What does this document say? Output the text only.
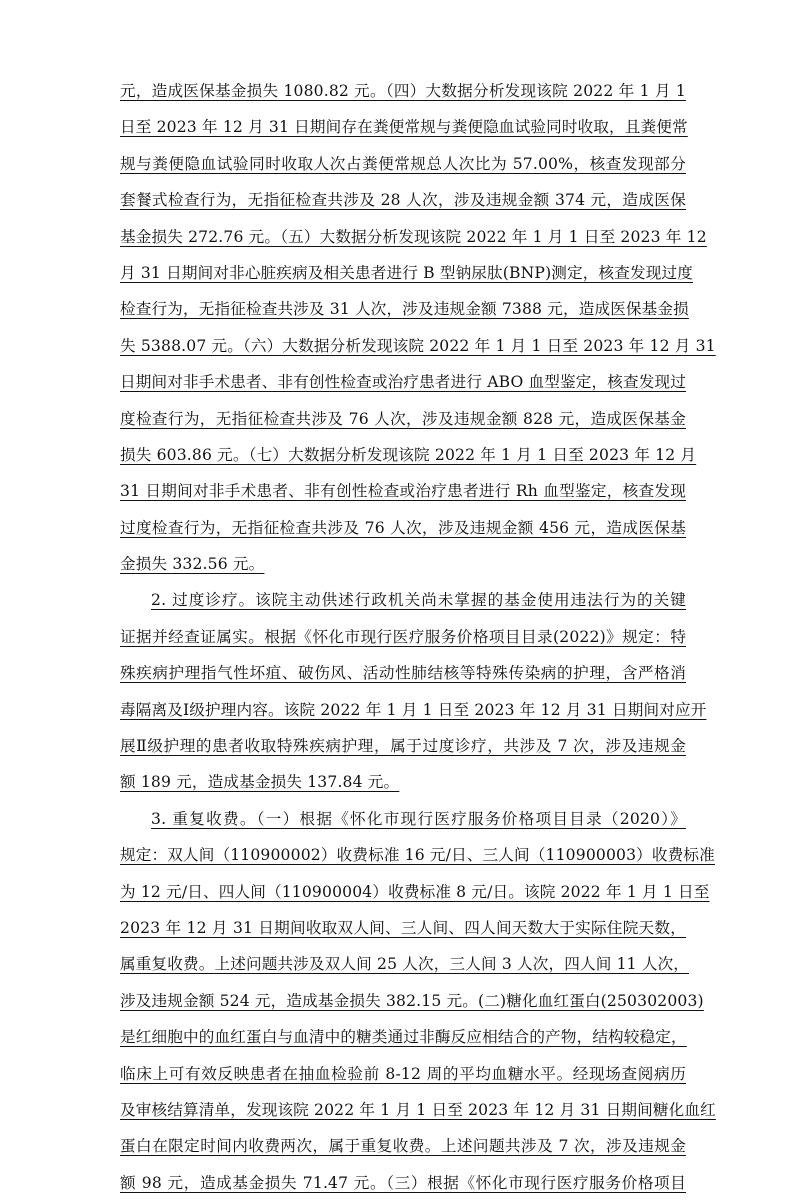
元，造成医保基金损失 1080.82 元。（四）大数据分析发现该院 2022 年 1 月 1
日至 2023 年 12 月 31 日期间存在粪便常规与粪便隐血试验同时收取，且粪便常
规与粪便隐血试验同时收取人次占粪便常规总人次比为 57.00%，核查发现部分
套餐式检查行为，无指征检查共涉及 28 人次，涉及违规金额 374 元，造成医保
基金损失 272.76 元。（五）大数据分析发现该院 2022 年 1 月 1 日至 2023 年 12
月 31 日期间对非心脏疾病及相关患者进行 B 型钠尿肽(BNP)测定，核查发现过度
检查行为，无指征检查共涉及 31 人次，涉及违规金额 7388 元，造成医保基金损
失 5388.07 元。（六）大数据分析发现该院 2022 年 1 月 1 日至 2023 年 12 月 31
日期间对非手术患者、非有创性检查或治疗患者进行 ABO 血型鉴定，核查发现过
度检查行为，无指征检查共涉及 76 人次，涉及违规金额 828 元，造成医保基金
损失 603.86 元。（七）大数据分析发现该院 2022 年 1 月 1 日至 2023 年 12 月
31 日期间对非手术患者、非有创性检查或治疗患者进行 Rh 血型鉴定，核查发现
过度检查行为，无指征检查共涉及 76 人次，涉及违规金额 456 元，造成医保基
金损失 332.56 元。
2. 过度诊疗。该院主动供述行政机关尚未掌握的基金使用违法行为的关键
证据并经查证属实。根据《怀化市现行医疗服务价格项目目录(2022)》规定：特
殊疾病护理指气性坏疽、破伤风、活动性肺结核等特殊传染病的护理，含严格消
毒隔离及Ⅰ级护理内容。该院 2022 年 1 月 1 日至 2023 年 12 月 31 日期间对应开
展Ⅱ级护理的患者收取特殊疾病护理，属于过度诊疗，共涉及 7 次，涉及违规金
额 189 元，造成基金损失 137.84 元。
3. 重复收费。（一）根据《怀化市现行医疗服务价格项目目录（2020）》
规定：双人间（110900002）收费标准 16 元/日、三人间（110900003）收费标准
为 12 元/日、四人间（110900004）收费标准 8 元/日。该院 2022 年 1 月 1 日至
2023 年 12 月 31 日期间收取双人间、三人间、四人间天数大于实际住院天数，
属重复收费。上述问题共涉及双人间 25 人次，三人间 3 人次，四人间 11 人次，
涉及违规金额 524 元，造成基金损失 382.15 元。(二)糖化血红蛋白(250302003)
是红细胞中的血红蛋白与血清中的糖类通过非酶反应相结合的产物，结构较稳定，
临床上可有效反映患者在抽血检验前 8-12 周的平均血糖水平。经现场查阅病历
及审核结算清单，发现该院 2022 年 1 月 1 日至 2023 年 12 月 31 日期间糖化血红
蛋白在限定时间内收费两次，属于重复收费。上述问题共涉及 7 次，涉及违规金
额 98 元，造成基金损失 71.47 元。（三）根据《怀化市现行医疗服务价格项目
